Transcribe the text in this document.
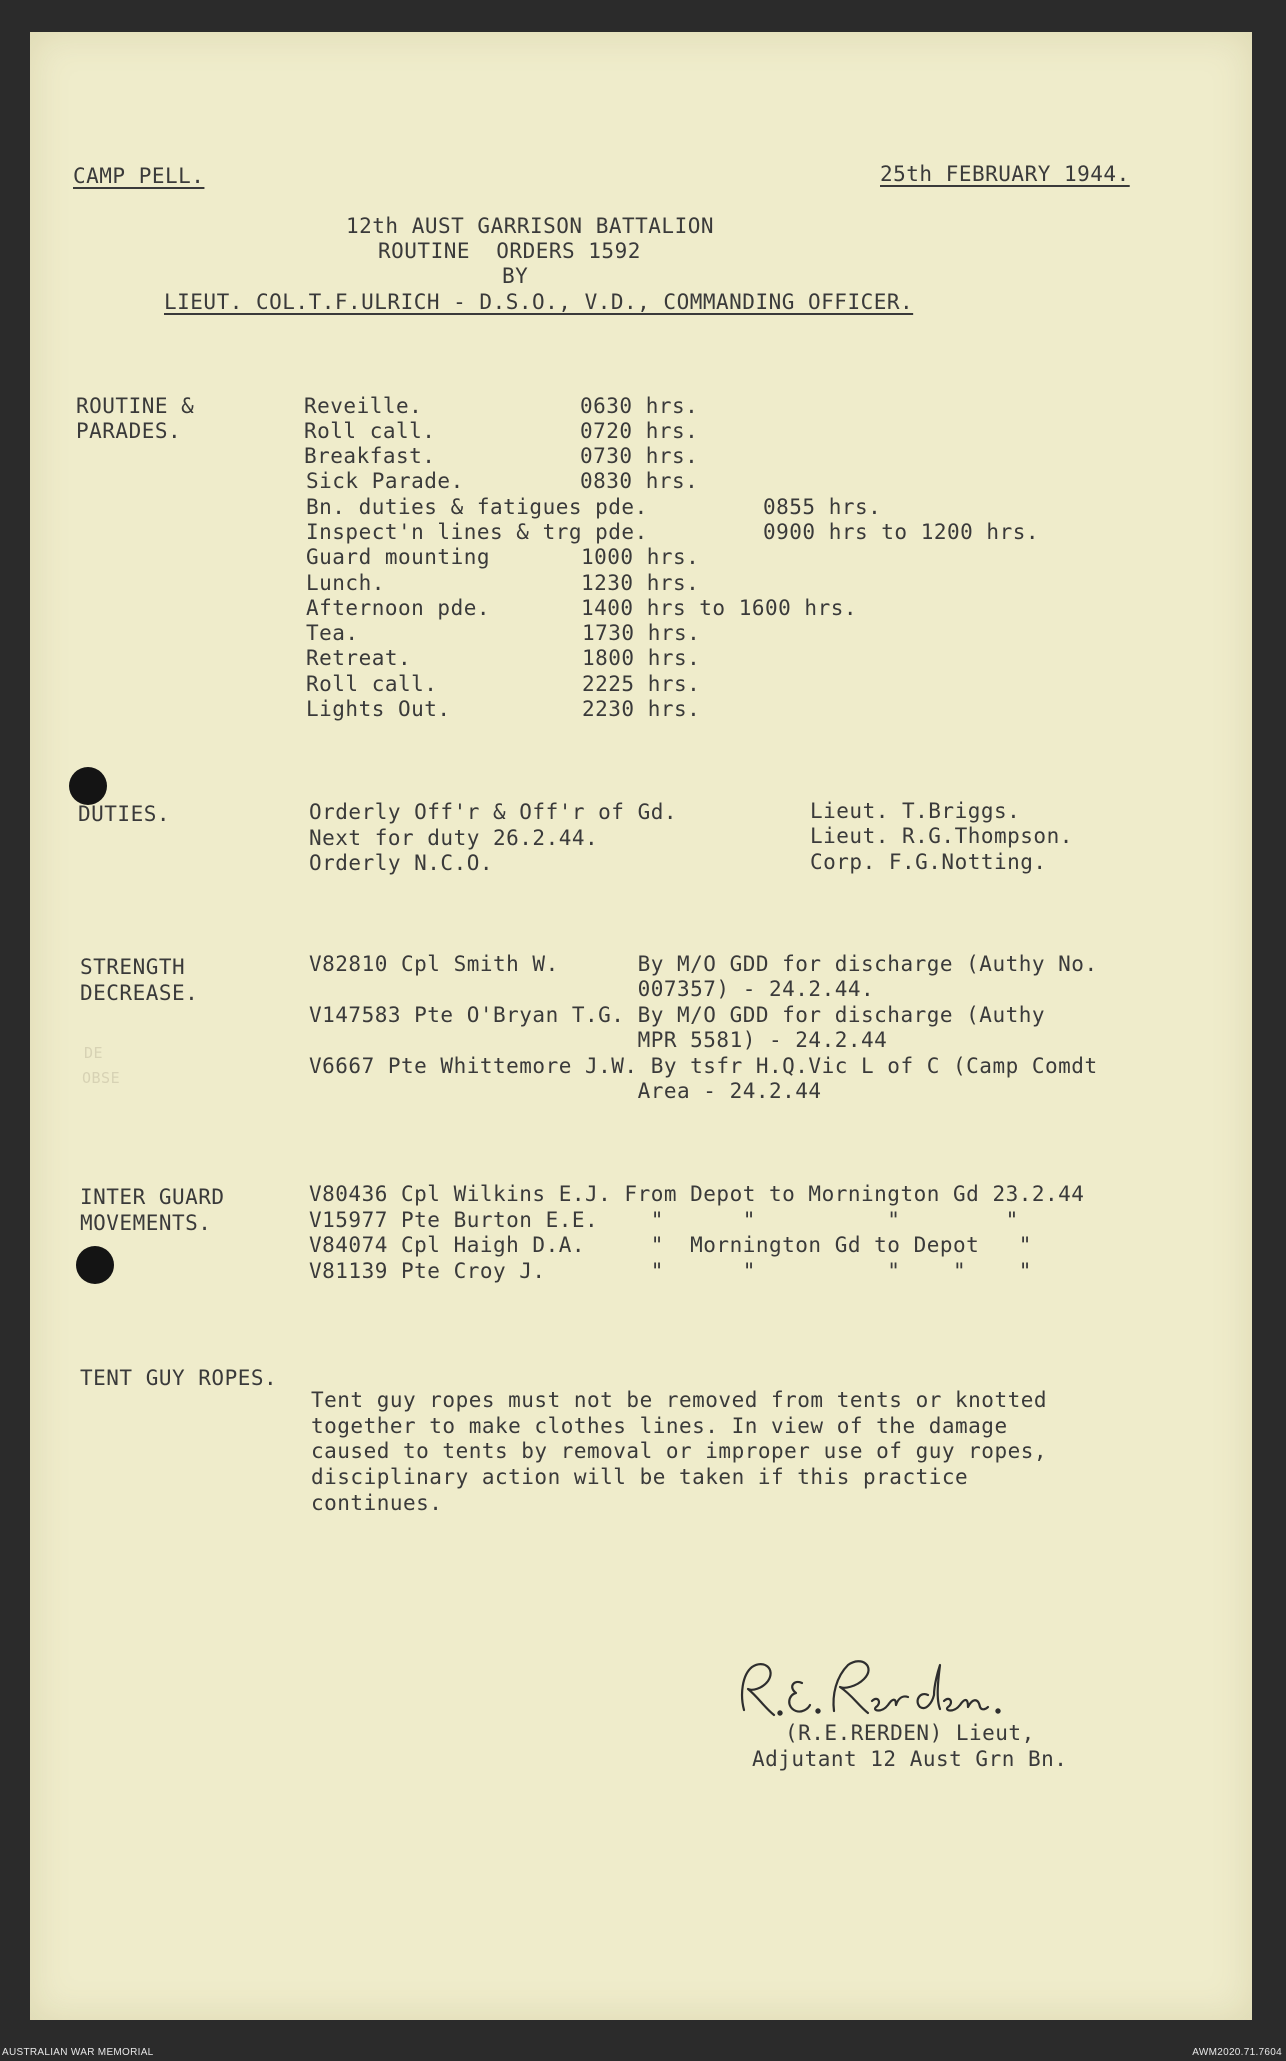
CAMP PELL.	25th FEBRUARY 1944.
12th AUST GARRISON BATTALION
ROUTINE  ORDERS 1592
BY
LIEUT. COL.T.F.ULRICH - D.S.O., V.D., COMMANDING OFFICER.
ROUTINE &
PARADES.
Reveille.	0630 hrs.
Roll call.	0720 hrs.
Breakfast.	0730 hrs.
Sick Parade.	0830 hrs.
Bn. duties & fatigues pde.	0855 hrs.
Inspect'n lines & trg pde.	0900 hrs to 1200 hrs.
Guard mounting	1000 hrs.
Lunch.	1230 hrs.
Afternoon pde.	1400 hrs to 1600 hrs.
Tea.	1730 hrs.
Retreat.	1800 hrs.
Roll call.	2225 hrs.
Lights Out.	2230 hrs.
DUTIES.	Orderly Off'r & Off'r of Gd.	Lieut. T.Briggs.
Next for duty 26.2.44.	Lieut. R.G.Thompson.
Orderly N.C.O.	Corp. F.G.Notting.
STRENGTH
DECREASE.
DE
OBSE
V82810 Cpl Smith W.      By M/O GDD for discharge (Authy No.
007357) - 24.2.44.
V147583 Pte O'Bryan T.G. By M/O GDD for discharge (Authy
MPR 5581) - 24.2.44
V6667 Pte Whittemore J.W. By tsfr H.Q.Vic L of C (Camp Comdt
Area - 24.2.44
INTER GUARD
MOVEMENTS.
V80436 Cpl Wilkins E.J. From Depot to Mornington Gd 23.2.44
V15977 Pte Burton E.E.    "      "          "        "
V84074 Cpl Haigh D.A.     "  Mornington Gd to Depot   "
V81139 Pte Croy J.        "      "          "    "    "
TENT GUY ROPES.
Tent guy ropes must not be removed from tents or knotted
together to make clothes lines. In view of the damage
caused to tents by removal or improper use of guy ropes,
disciplinary action will be taken if this practice
continues.
(R.E.RERDEN) Lieut,
Adjutant 12 Aust Grn Bn.
AUSTRALIAN WAR MEMORIAL	AWM2020.71.7604
